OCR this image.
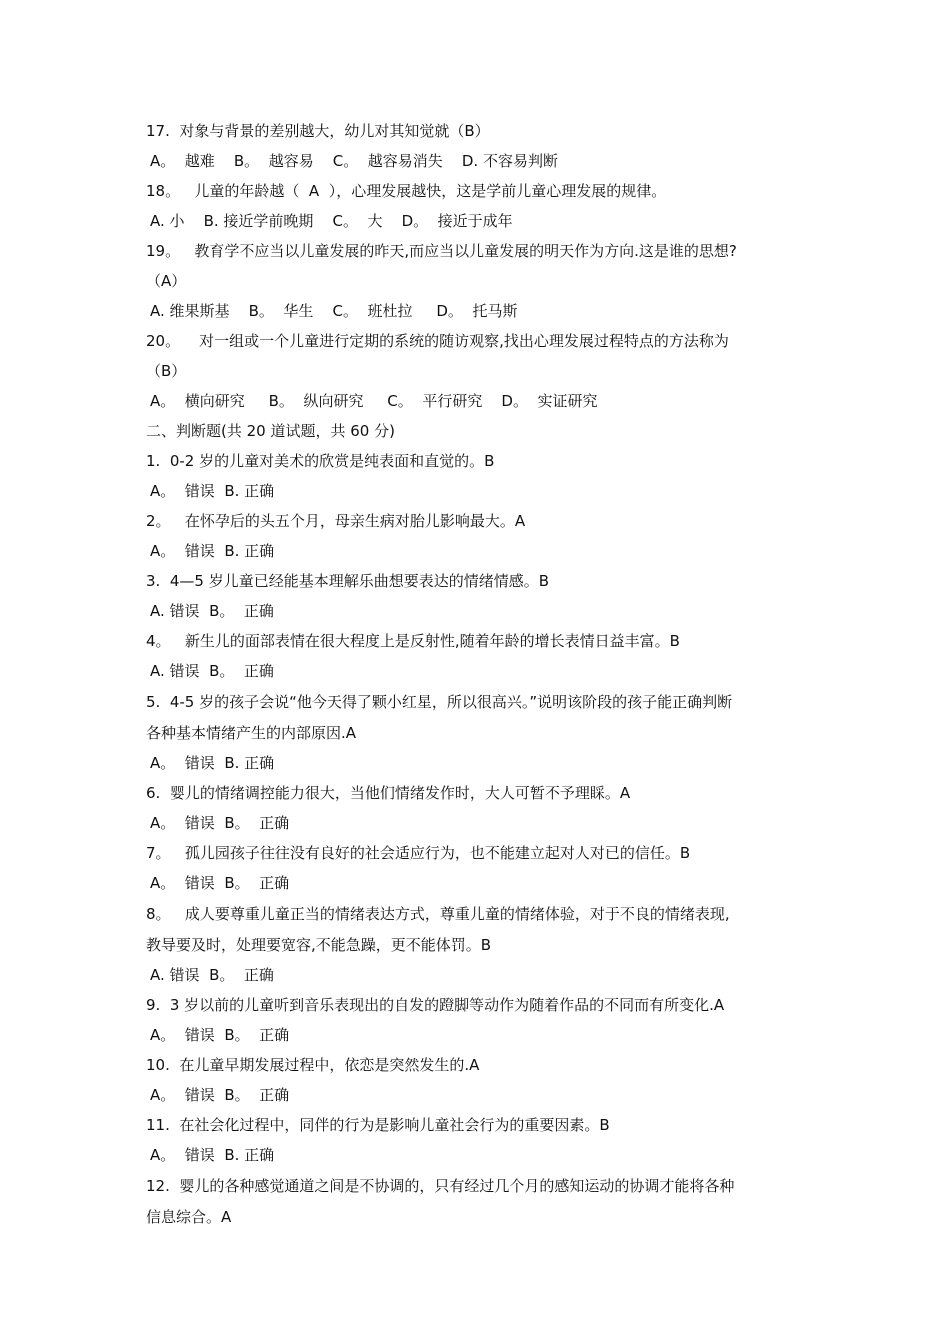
17.  对象与背景的差别越大，幼儿对其知觉就（B）
A。  越难    B。  越容易    C。  越容易消失    D. 不容易判断
18。   儿童的年龄越（  A  ），心理发展越快，这是学前儿童心理发展的规律。
A. 小    B. 接近学前晚期    C。  大    D。  接近于成年
19。   教育学不应当以儿童发展的昨天,而应当以儿童发展的明天作为方向.这是谁的思想?
（A）
A. 维果斯基    B。  华生    C。  班杜拉     D。  托马斯
20。    对一组或一个儿童进行定期的系统的随访观察,找出心理发展过程特点的方法称为
（B）
A。  横向研究     B。  纵向研究     C。  平行研究    D。  实证研究
二、判断题(共 20 道试题，共 60 分)
1.  0-2 岁的儿童对美术的欣赏是纯表面和直觉的。B
A。  错误  B. 正确
2。   在怀孕后的头五个月，母亲生病对胎儿影响最大。A
A。  错误  B. 正确
3.  4—5 岁儿童已经能基本理解乐曲想要表达的情绪情感。B
A. 错误  B。  正确
4。   新生儿的面部表情在很大程度上是反射性,随着年龄的增长表情日益丰富。B
A. 错误  B。  正确
5.  4-5 岁的孩子会说“他今天得了颗小红星，所以很高兴。”说明该阶段的孩子能正确判断
各种基本情绪产生的内部原因.A
A。  错误  B. 正确
6.  婴儿的情绪调控能力很大，当他们情绪发作时，大人可暂不予理睬。A
A。  错误  B。  正确
7。   孤儿园孩子往往没有良好的社会适应行为，也不能建立起对人对已的信任。B
A。  错误  B。  正确
8。   成人要尊重儿童正当的情绪表达方式，尊重儿童的情绪体验，对于不良的情绪表现,
教导要及时，处理要宽容,不能急躁，更不能体罚。B
A. 错误  B。  正确
9.  3 岁以前的儿童听到音乐表现出的自发的蹬脚等动作为随着作品的不同而有所变化.A
A。  错误  B。  正确
10.  在儿童早期发展过程中，依恋是突然发生的.A
A。  错误  B。  正确
11.  在社会化过程中，同伴的行为是影响儿童社会行为的重要因素。B
A。  错误  B. 正确
12.  婴儿的各种感觉通道之间是不协调的，只有经过几个月的感知运动的协调才能将各种
信息综合。A
